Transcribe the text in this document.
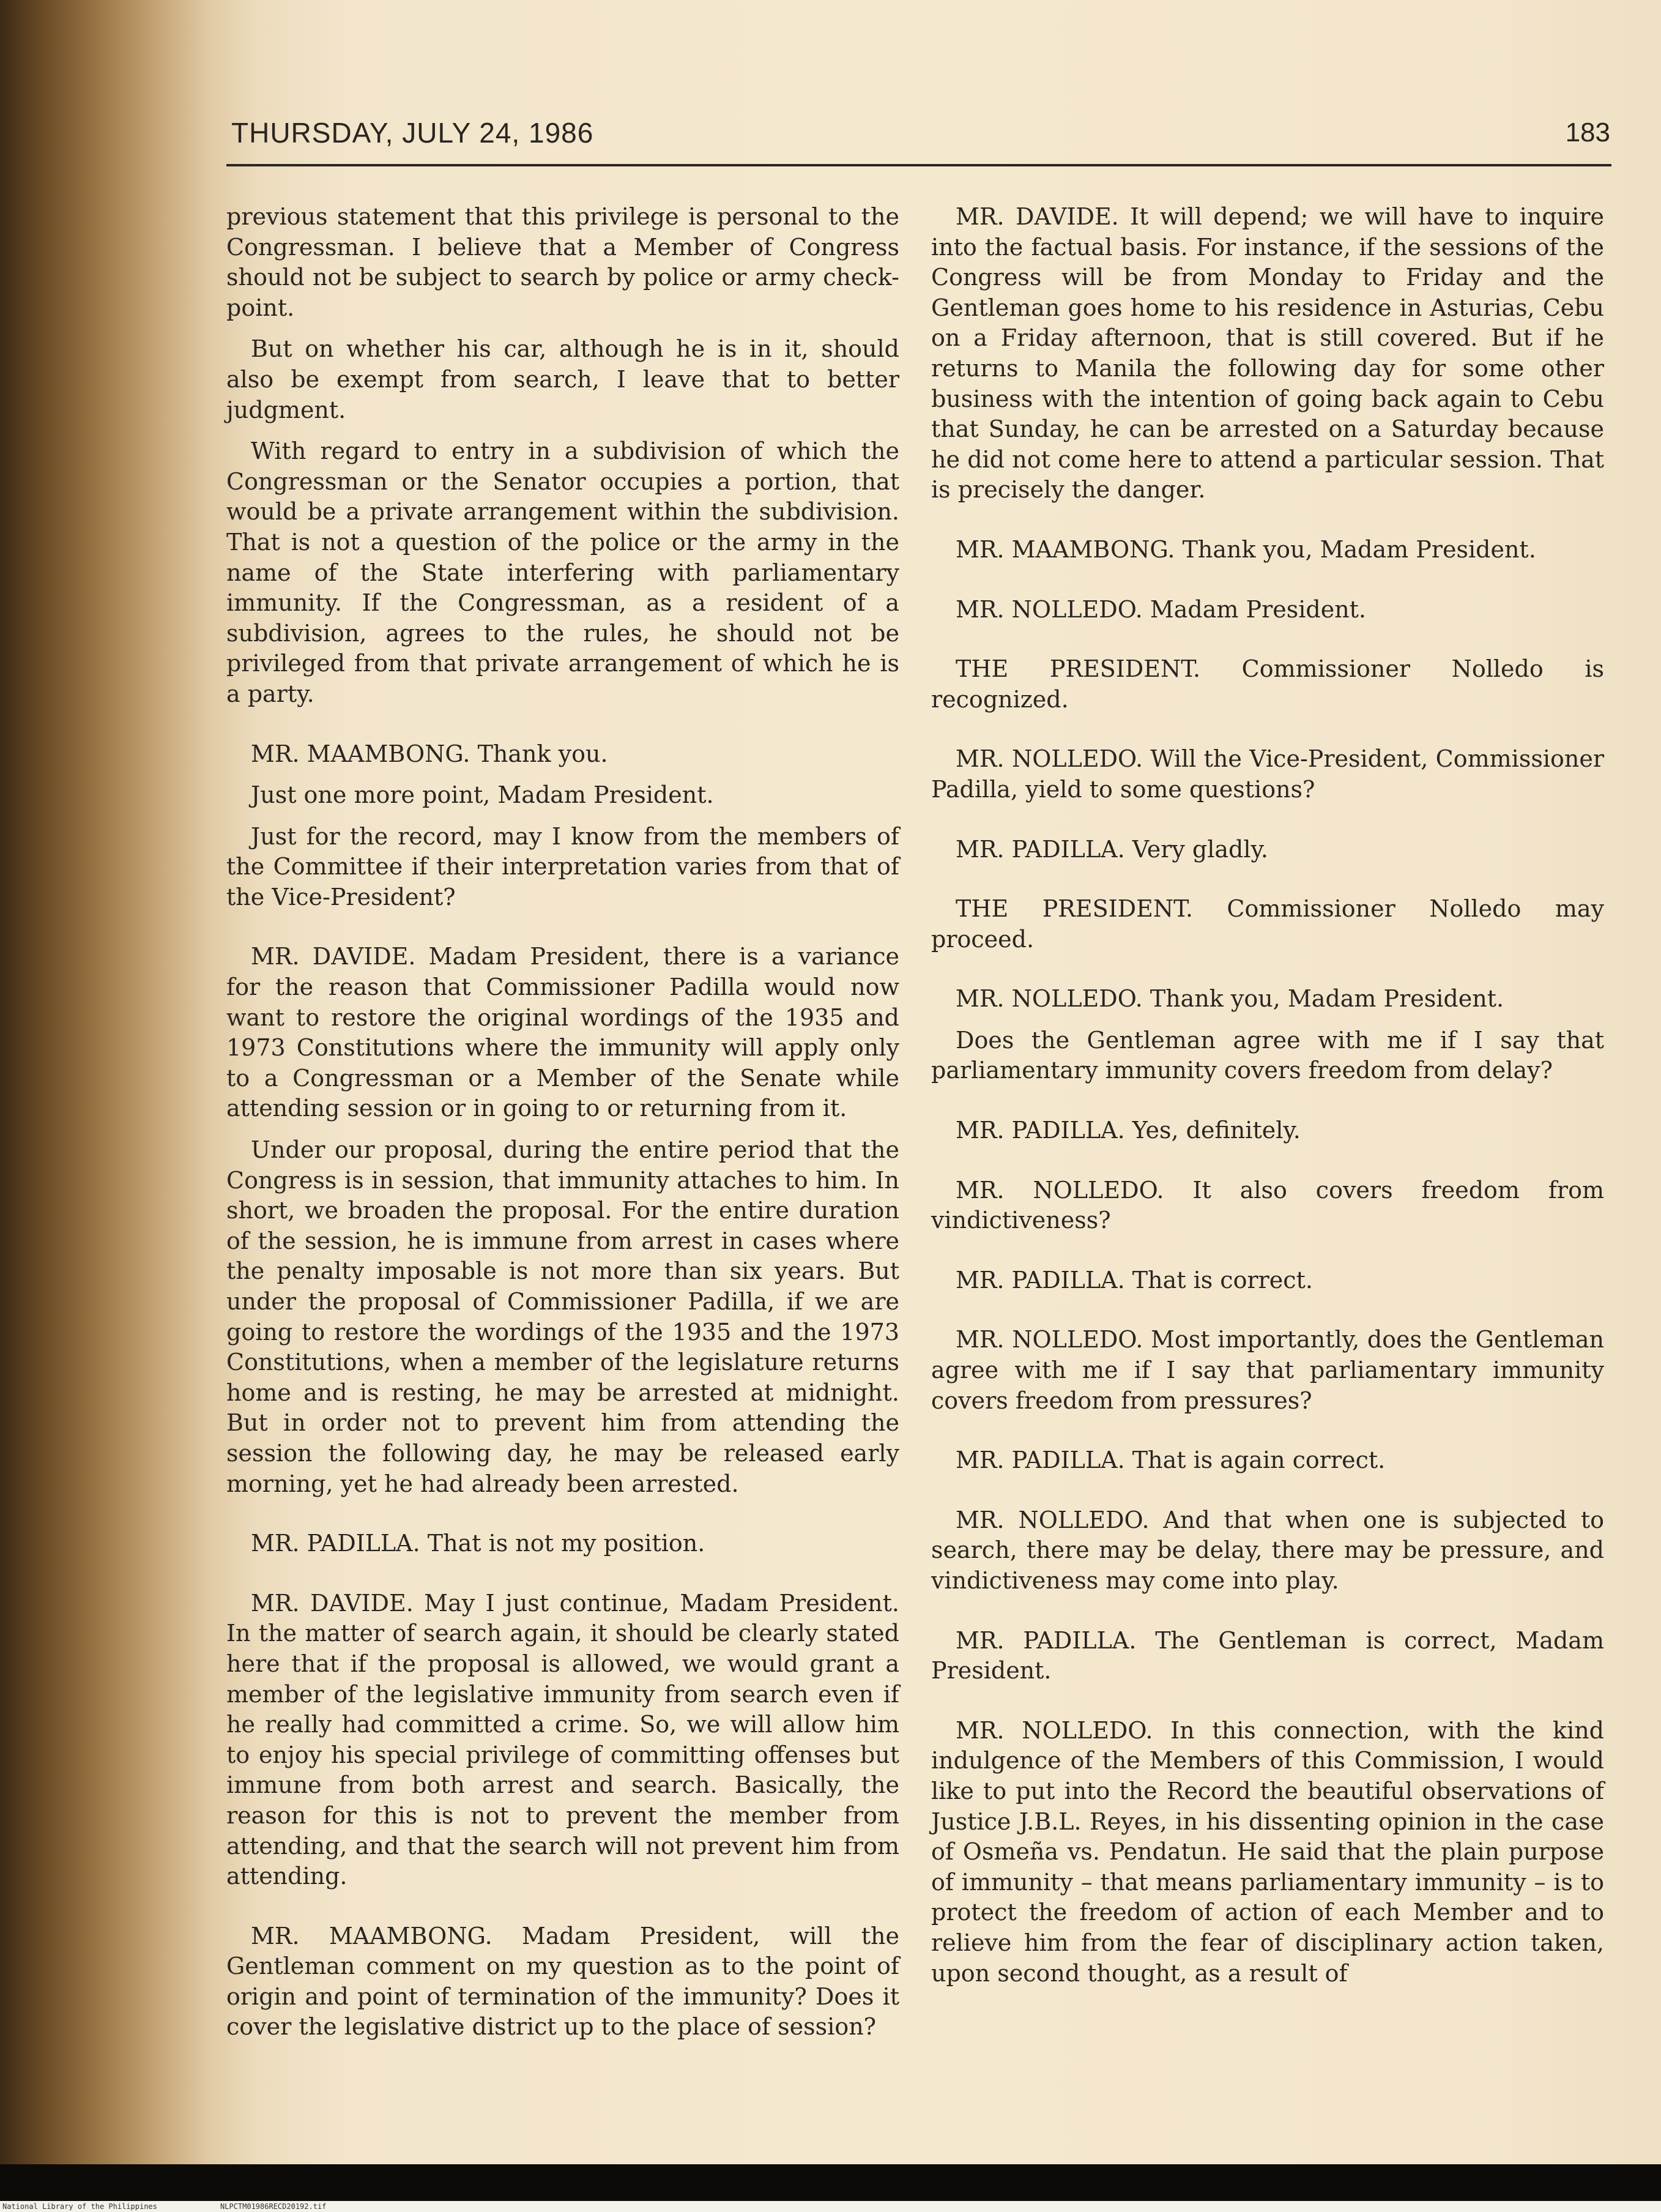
THURSDAY, JULY 24, 1986	183

previous statement that this privilege is personal to the Congressman. I believe that a Member of Congress should not be subject to search by police or army check-point.

But on whether his car, although he is in it, should also be exempt from search, I leave that to better judgment.

With regard to entry in a subdivision of which the Congressman or the Senator occupies a portion, that would be a private arrangement within the subdivision. That is not a question of the police or the army in the name of the State interfering with parliamentary immunity. If the Congressman, as a resident of a subdivision, agrees to the rules, he should not be privileged from that private arrangement of which he is a party.

MR. MAAMBONG. Thank you.

Just one more point, Madam President.

Just for the record, may I know from the members of the Committee if their interpretation varies from that of the Vice-President?

MR. DAVIDE. Madam President, there is a variance for the reason that Commissioner Padilla would now want to restore the original wordings of the 1935 and 1973 Constitutions where the immunity will apply only to a Congressman or a Member of the Senate while attending session or in going to or returning from it.

Under our proposal, during the entire period that the Congress is in session, that immunity attaches to him. In short, we broaden the proposal. For the entire duration of the session, he is immune from arrest in cases where the penalty imposable is not more than six years. But under the proposal of Commissioner Padilla, if we are going to restore the wordings of the 1935 and the 1973 Constitutions, when a member of the legislature returns home and is resting, he may be arrested at midnight. But in order not to prevent him from attending the session the following day, he may be released early morning, yet he had already been arrested.

MR. PADILLA. That is not my position.

MR. DAVIDE. May I just continue, Madam President. In the matter of search again, it should be clearly stated here that if the proposal is allowed, we would grant a member of the legislative immunity from search even if he really had committed a crime. So, we will allow him to enjoy his special privilege of committing offenses but immune from both arrest and search. Basically, the reason for this is not to prevent the member from attending, and that the search will not prevent him from attending.

MR. MAAMBONG. Madam President, will the Gentleman comment on my question as to the point of origin and point of termination of the immunity? Does it cover the legislative district up to the place of session?

MR. DAVIDE. It will depend; we will have to inquire into the factual basis. For instance, if the sessions of the Congress will be from Monday to Friday and the Gentleman goes home to his residence in Asturias, Cebu on a Friday afternoon, that is still covered. But if he returns to Manila the following day for some other business with the intention of going back again to Cebu that Sunday, he can be arrested on a Saturday because he did not come here to attend a particular session. That is precisely the danger.

MR. MAAMBONG. Thank you, Madam President.

MR. NOLLEDO. Madam President.

THE PRESIDENT. Commissioner Nolledo is recognized.

MR. NOLLEDO. Will the Vice-President, Commissioner Padilla, yield to some questions?

MR. PADILLA. Very gladly.

THE PRESIDENT. Commissioner Nolledo may proceed.

MR. NOLLEDO. Thank you, Madam President.

Does the Gentleman agree with me if I say that parliamentary immunity covers freedom from delay?

MR. PADILLA. Yes, definitely.

MR. NOLLEDO. It also covers freedom from vindictiveness?

MR. PADILLA. That is correct.

MR. NOLLEDO. Most importantly, does the Gentleman agree with me if I say that parliamentary immunity covers freedom from pressures?

MR. PADILLA. That is again correct.

MR. NOLLEDO. And that when one is subjected to search, there may be delay, there may be pressure, and vindictiveness may come into play.

MR. PADILLA. The Gentleman is correct, Madam President.

MR. NOLLEDO. In this connection, with the kind indulgence of the Members of this Commission, I would like to put into the Record the beautiful observations of Justice J.B.L. Reyes, in his dissenting opinion in the case of Osmeña vs. Pendatun. He said that the plain purpose of immunity – that means parliamentary immunity – is to protect the freedom of action of each Member and to relieve him from the fear of disciplinary action taken, upon second thought, as a result of

National Library of the Philippines	NLPCTM01986RECD20192.tif
